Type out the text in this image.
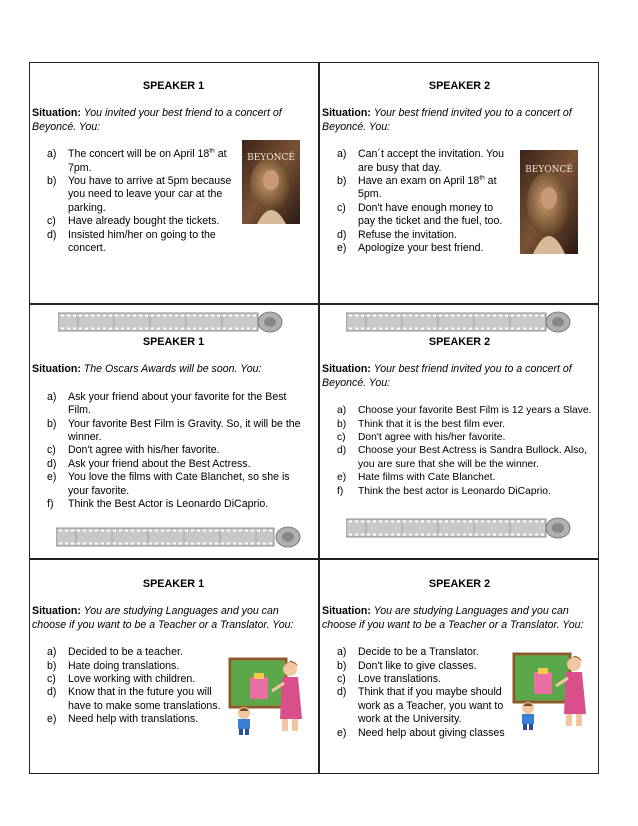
SPEAKER 1
Situation: You invited your best friend to a concert of Beyoncé. You:
a) The concert will be on April 18th at 7pm.
b) You have to arrive at 5pm because you need to leave your car at the parking.
c) Have already bought the tickets.
d) Insisted him/her on going to the concert.
BEYONCÉ
SPEAKER 2
Situation: Your best friend invited you to a concert of Beyoncé. You:
a) Can´t accept the invitation. You are busy that day.
b) Have an exam on April 18th at 5pm.
c) Don't have enough money to pay the ticket and the fuel, too.
d) Refuse the invitation.
e) Apologize your best friend.
BEYONCÉ
SPEAKER 1
Situation: The Oscars Awards will be soon. You:
a) Ask your friend about your favorite for the Best Film.
b) Your favorite Best Film is Gravity. So, it will be the winner.
c) Don't agree with his/her favorite.
d) Ask your friend about the Best Actress.
e) You love the films with Cate Blanchet, so she is your favorite.
f) Think the Best Actor is Leonardo DiCaprio.
SPEAKER 2
Situation: Your best friend invited you to a concert of Beyoncé. You:
a) Choose your favorite Best Film is 12 years a Slave.
b) Think that it is the best film ever.
c) Don't agree with his/her favorite.
d) Choose your Best Actress is Sandra Bullock. Also, you are sure that she will be the winner.
e) Hate films with Cate Blanchet.
f) Think the best actor is Leonardo DiCaprio.
SPEAKER 1
Situation: You are studying Languages and you can choose if you want to be a Teacher or a Translator. You:
a) Decided to be a teacher.
b) Hate doing translations.
c) Love working with children.
d) Know that in the future you will have to make some translations.
e) Need help with translations.
SPEAKER 2
Situation: You are studying Languages and you can choose if you want to be a Teacher or a Translator. You:
a) Decide to be a Translator.
b) Don't like to give classes.
c) Love translations.
d) Think that if you maybe should work as a Teacher, you want to work at the University.
e) Need help about giving classes
